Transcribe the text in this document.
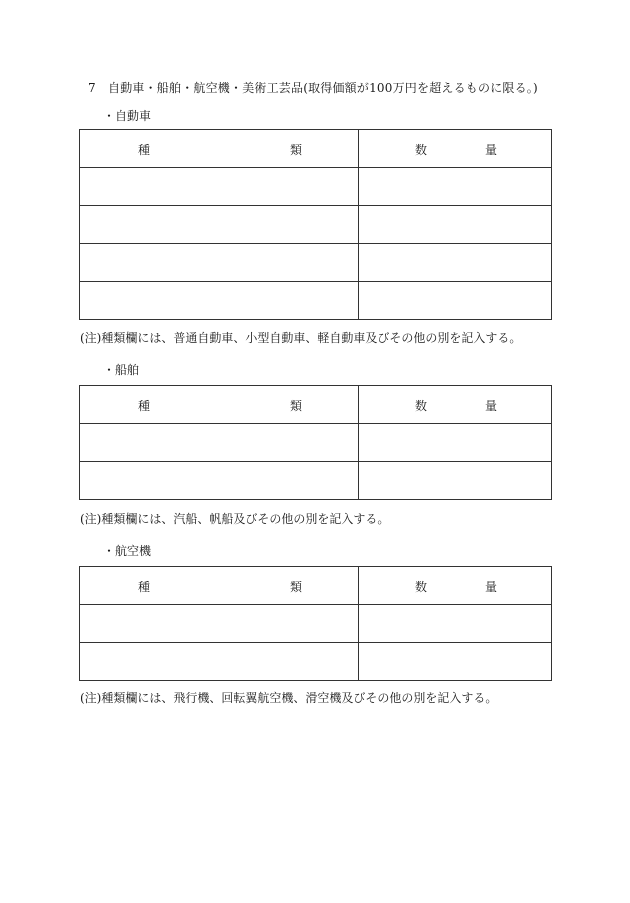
7 自動車・船舶・航空機・美術工芸品(取得価額が100万円を超えるものに限る。)
・自動車
種 類	数 量

(注)種類欄には、普通自動車、小型自動車、軽自動車及びその他の別を記入する。
・船舶
種 類	数 量

(注)種類欄には、汽船、帆船及びその他の別を記入する。
・航空機
種 類	数 量

(注)種類欄には、飛行機、回転翼航空機、滑空機及びその他の別を記入する。
